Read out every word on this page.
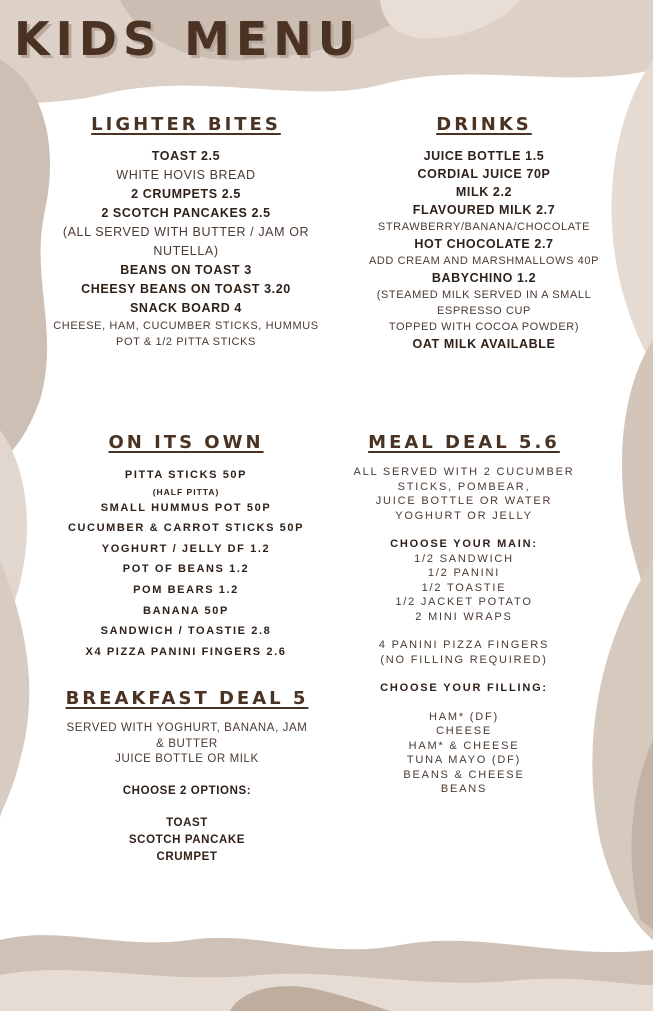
KIDS MENU
LIGHTER BITES
TOAST 2.5
WHITE HOVIS BREAD
2 CRUMPETS 2.5
2 SCOTCH PANCAKES 2.5
(ALL SERVED WITH BUTTER / JAM OR
NUTELLA)
BEANS ON TOAST 3
CHEESY BEANS ON TOAST 3.20
SNACK BOARD 4
CHEESE, HAM, CUCUMBER STICKS, HUMMUS
POT & 1/2 PITTA STICKS
DRINKS
JUICE BOTTLE 1.5
CORDIAL JUICE 70P
MILK 2.2
FLAVOURED MILK 2.7
STRAWBERRY/BANANA/CHOCOLATE
HOT CHOCOLATE 2.7
ADD CREAM AND MARSHMALLOWS 40P
BABYCHINO 1.2
(STEAMED MILK SERVED IN A SMALL
ESPRESSO CUP
TOPPED WITH COCOA POWDER)
OAT MILK AVAILABLE
ON ITS OWN
PITTA STICKS 50P
(HALF PITTA)
SMALL HUMMUS POT 50P
CUCUMBER & CARROT STICKS 50P
YOGHURT / JELLY DF 1.2
POT OF BEANS 1.2
POM BEARS 1.2
BANANA 50P
SANDWICH / TOASTIE 2.8
X4 PIZZA PANINI FINGERS 2.6
BREAKFAST DEAL 5
SERVED WITH YOGHURT, BANANA, JAM
& BUTTER
JUICE BOTTLE OR MILK
CHOOSE 2 OPTIONS:
TOAST
SCOTCH PANCAKE
CRUMPET
MEAL DEAL 5.6
ALL SERVED WITH 2 CUCUMBER
STICKS, POMBEAR,
JUICE BOTTLE OR WATER
YOGHURT OR JELLY
CHOOSE YOUR MAIN:
1/2 SANDWICH
1/2 PANINI
1/2 TOASTIE
1/2 JACKET POTATO
2 MINI WRAPS
4 PANINI PIZZA FINGERS
(NO FILLING REQUIRED)
CHOOSE YOUR FILLING:
HAM* (DF)
CHEESE
HAM* & CHEESE
TUNA MAYO (DF)
BEANS & CHEESE
BEANS
